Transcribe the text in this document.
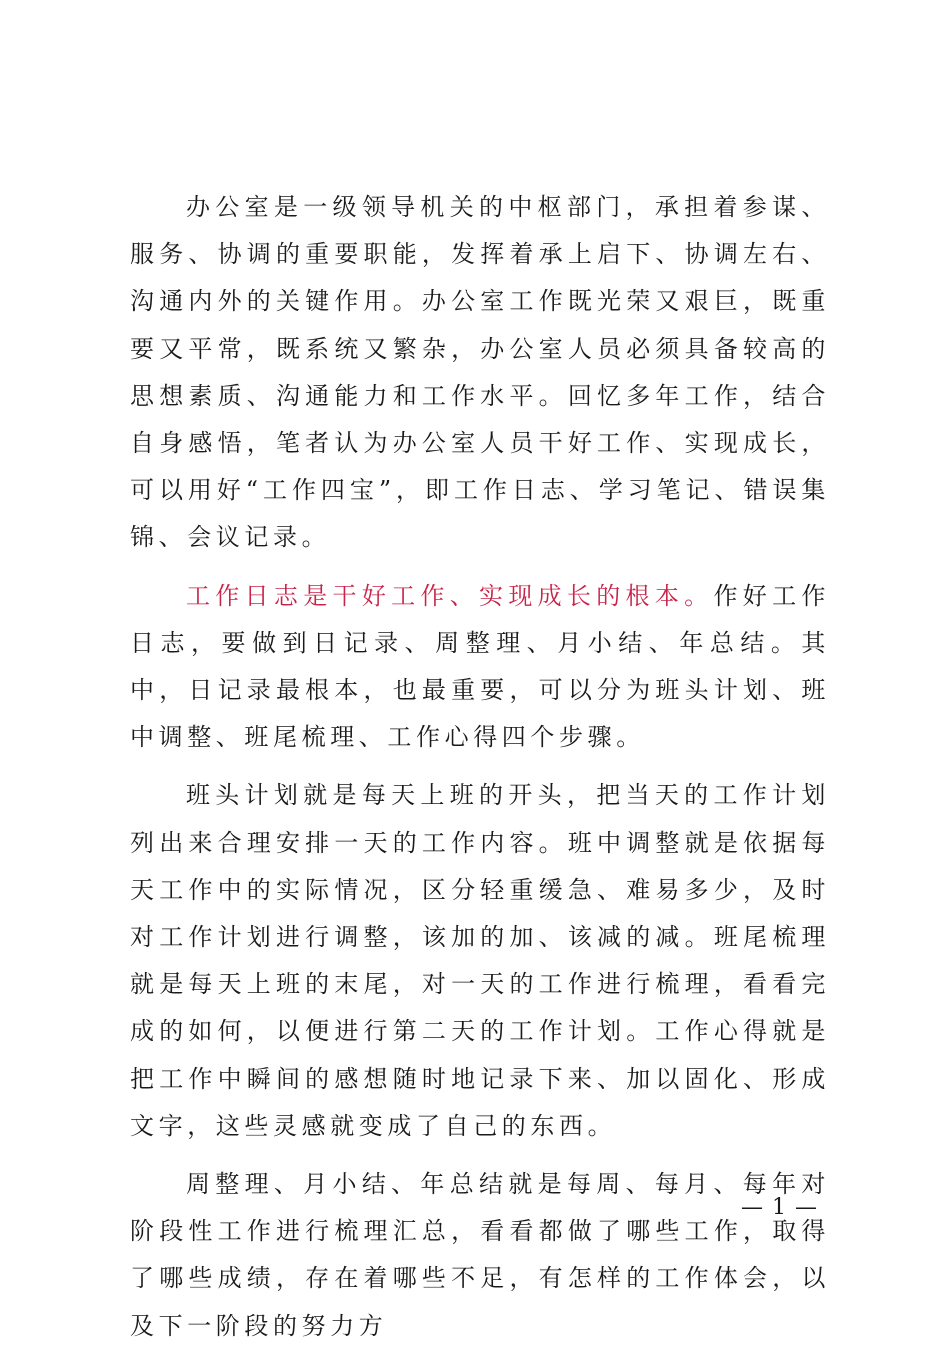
办公室是一级领导机关的中枢部门，承担着参谋、服务、协调的重要职能，发挥着承上启下、协调左右、沟通内外的关键作用。办公室工作既光荣又艰巨，既重要又平常，既系统又繁杂，办公室人员必须具备较高的思想素质、沟通能力和工作水平。回忆多年工作，结合自身感悟，笔者认为办公室人员干好工作、实现成长，可以用好“工作四宝”，即工作日志、学习笔记、错误集锦、会议记录。

工作日志是干好工作、实现成长的根本。作好工作日志，要做到日记录、周整理、月小结、年总结。其中，日记录最根本，也最重要，可以分为班头计划、班中调整、班尾梳理、工作心得四个步骤。

班头计划就是每天上班的开头，把当天的工作计划列出来合理安排一天的工作内容。班中调整就是依据每天工作中的实际情况，区分轻重缓急、难易多少，及时对工作计划进行调整，该加的加、该减的减。班尾梳理就是每天上班的末尾，对一天的工作进行梳理，看看完成的如何，以便进行第二天的工作计划。工作心得就是把工作中瞬间的感想随时地记录下来、加以固化、形成文字，这些灵感就变成了自己的东西。

周整理、月小结、年总结就是每周、每月、每年对阶段性工作进行梳理汇总，看看都做了哪些工作，取得了哪些成绩，存在着哪些不足，有怎样的工作体会，以及下一阶段的努力方

— 1 —
